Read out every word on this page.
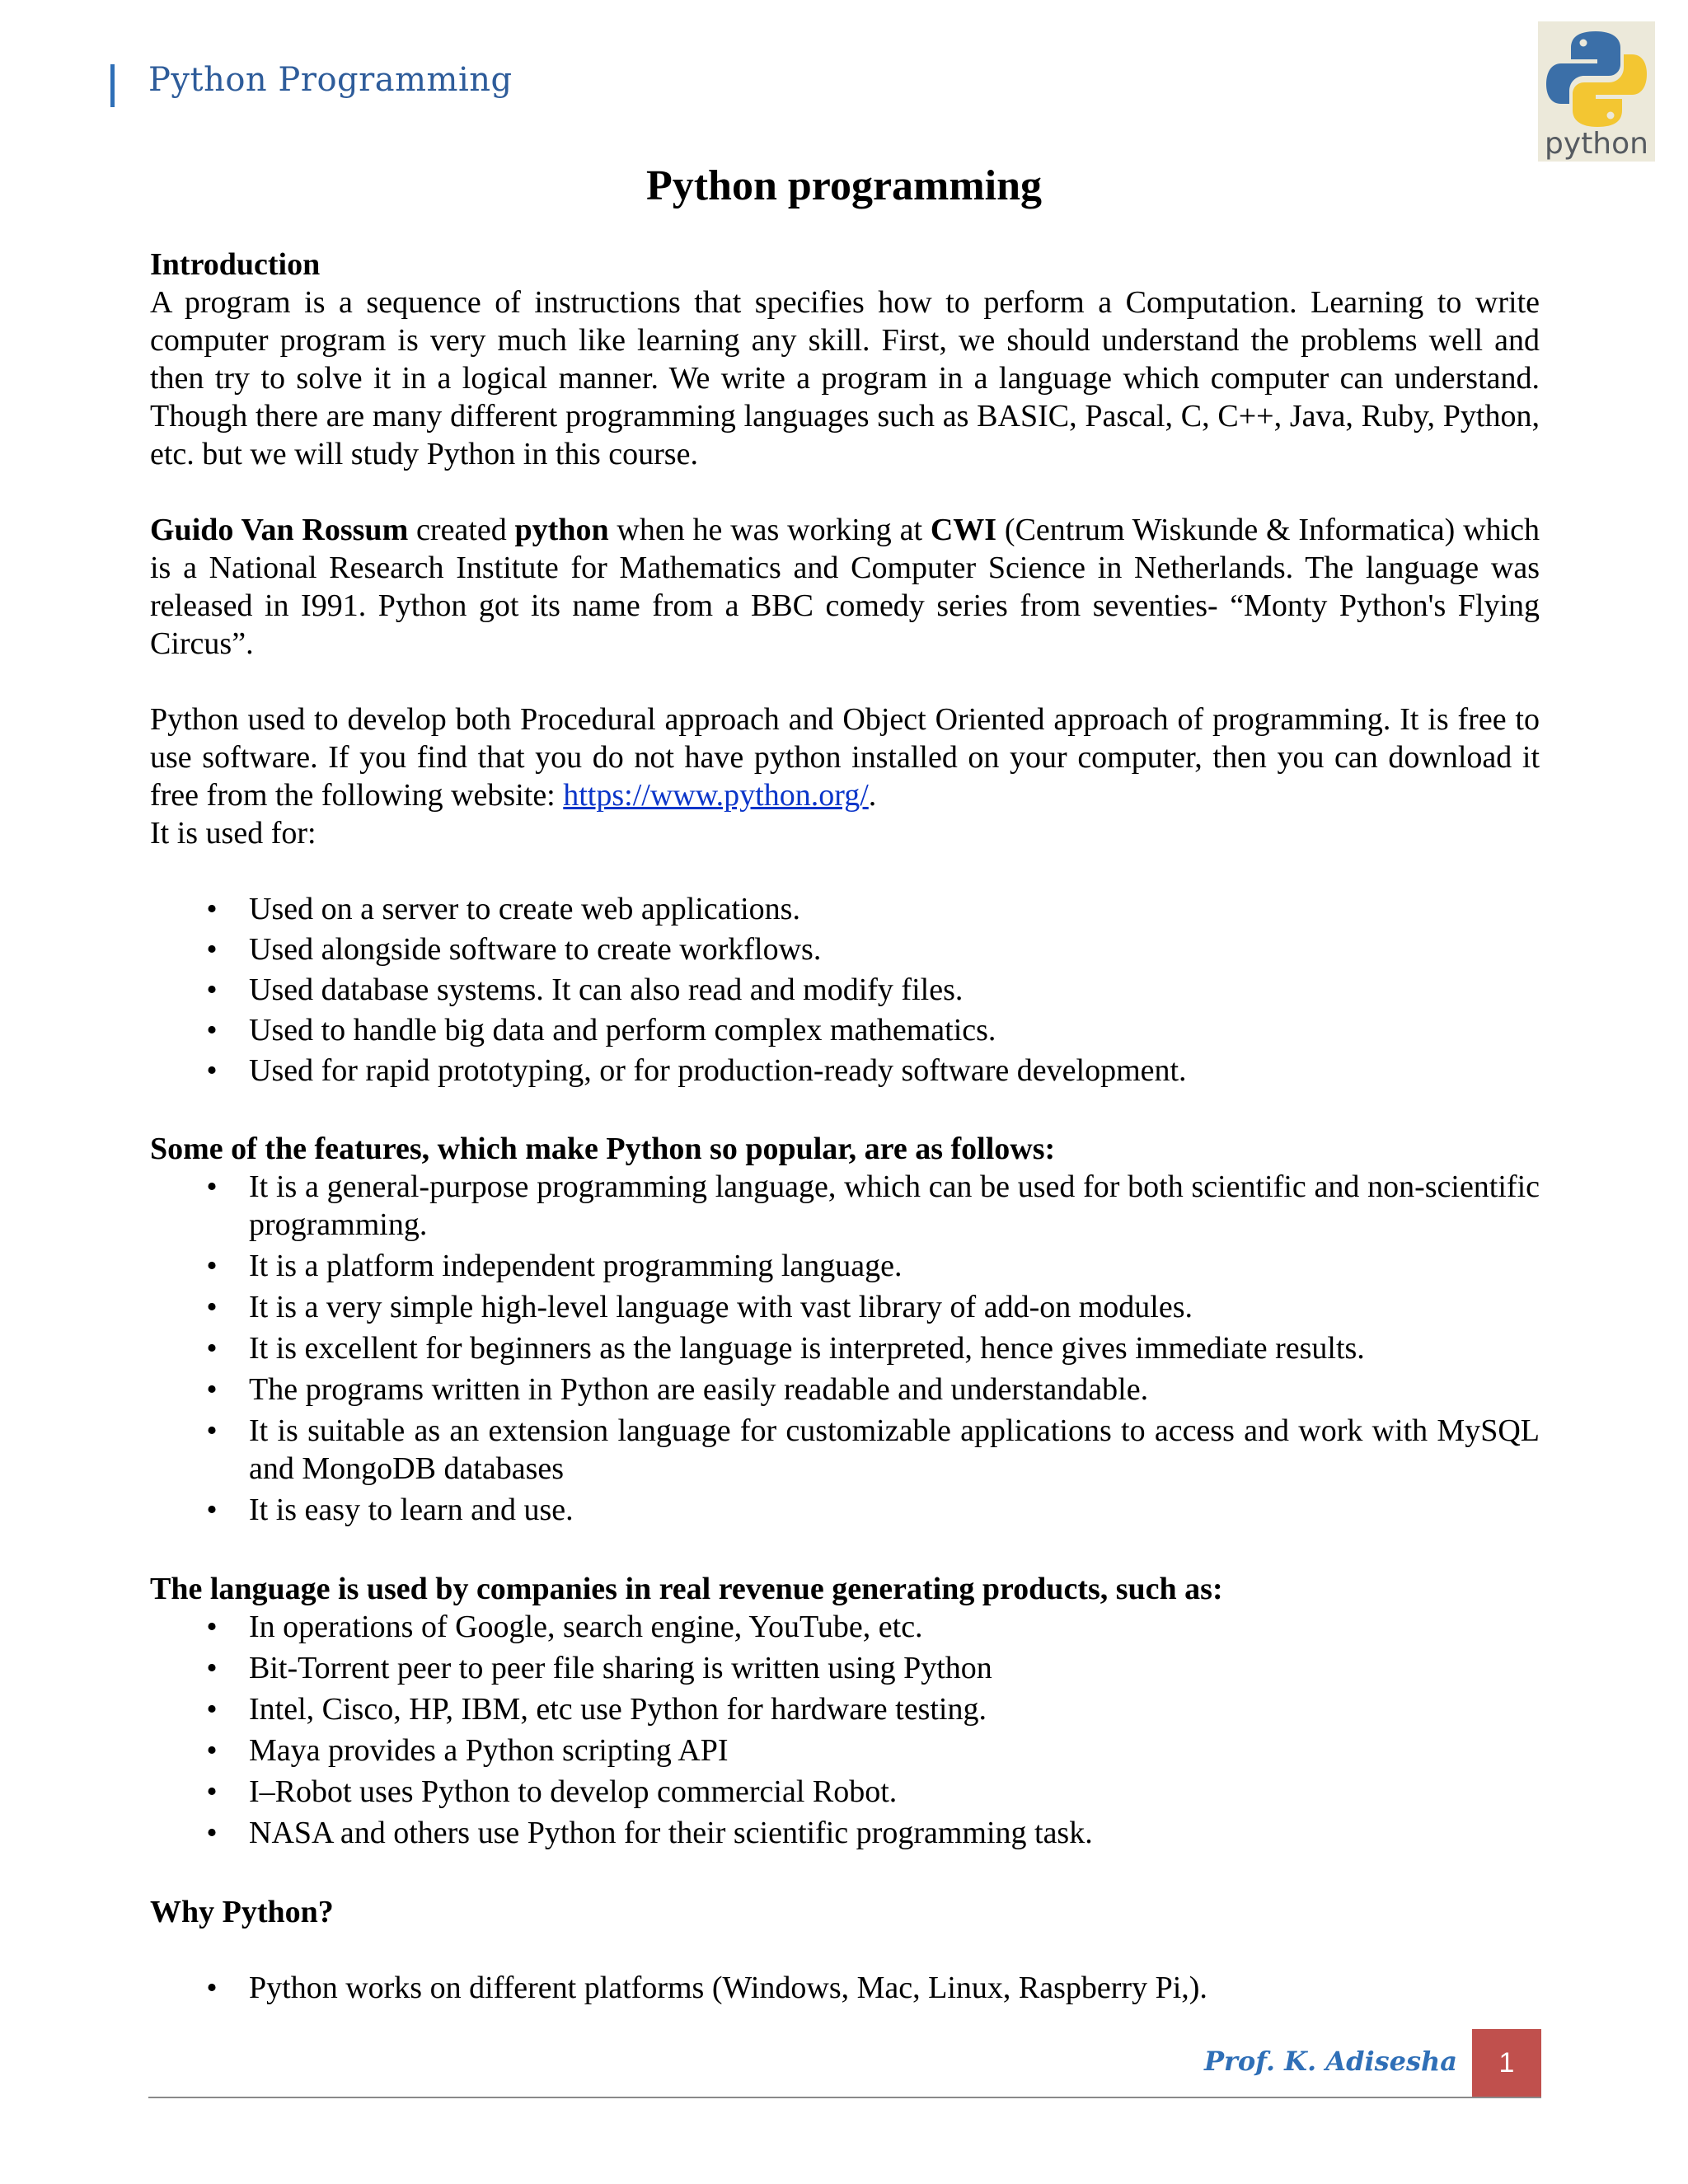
Python Programming
python
Python programming

Introduction

A program is a sequence of instructions that specifies how to perform a Computation. Learning to write computer program is very much like learning any skill. First, we should understand the problems well and then try to solve it in a logical manner. We write a program in a language which computer can understand. Though there are many different programming languages such as BASIC, Pascal, C, C++, Java, Ruby, Python, etc. but we will study Python in this course.

Guido Van Rossum created python when he was working at CWI (Centrum Wiskunde & Informatica) which is a National Research Institute for Mathematics and Computer Science in Netherlands. The language was released in I991. Python got its name from a BBC comedy series from seventies- “Monty Python's Flying Circus”.

Python used to develop both Procedural approach and Object Oriented approach of programming. It is free to use software. If you find that you do not have python installed on your computer, then you can download it free from the following website: https://www.python.org/.

It is used for:

• Used on a server to create web applications.
• Used alongside software to create workflows.
• Used database systems. It can also read and modify files.
• Used to handle big data and perform complex mathematics.
• Used for rapid prototyping, or for production-ready software development.

Some of the features, which make Python so popular, are as follows:

• It is a general-purpose programming language, which can be used for both scientific and non-scientific programming.
• It is a platform independent programming language.
• It is a very simple high-level language with vast library of add-on modules.
• It is excellent for beginners as the language is interpreted, hence gives immediate results.
• The programs written in Python are easily readable and understandable.
• It is suitable as an extension language for customizable applications to access and work with MySQL and MongoDB databases
• It is easy to learn and use.

The language is used by companies in real revenue generating products, such as:

• In operations of Google, search engine, YouTube, etc.
• Bit-Torrent peer to peer file sharing is written using Python
• Intel, Cisco, HP, IBM, etc use Python for hardware testing.
• Maya provides a Python scripting API
• I–Robot uses Python to develop commercial Robot.
• NASA and others use Python for their scientific programming task.

Why Python?

• Python works on different platforms (Windows, Mac, Linux, Raspberry Pi,).
Prof. K. Adisesha	1
